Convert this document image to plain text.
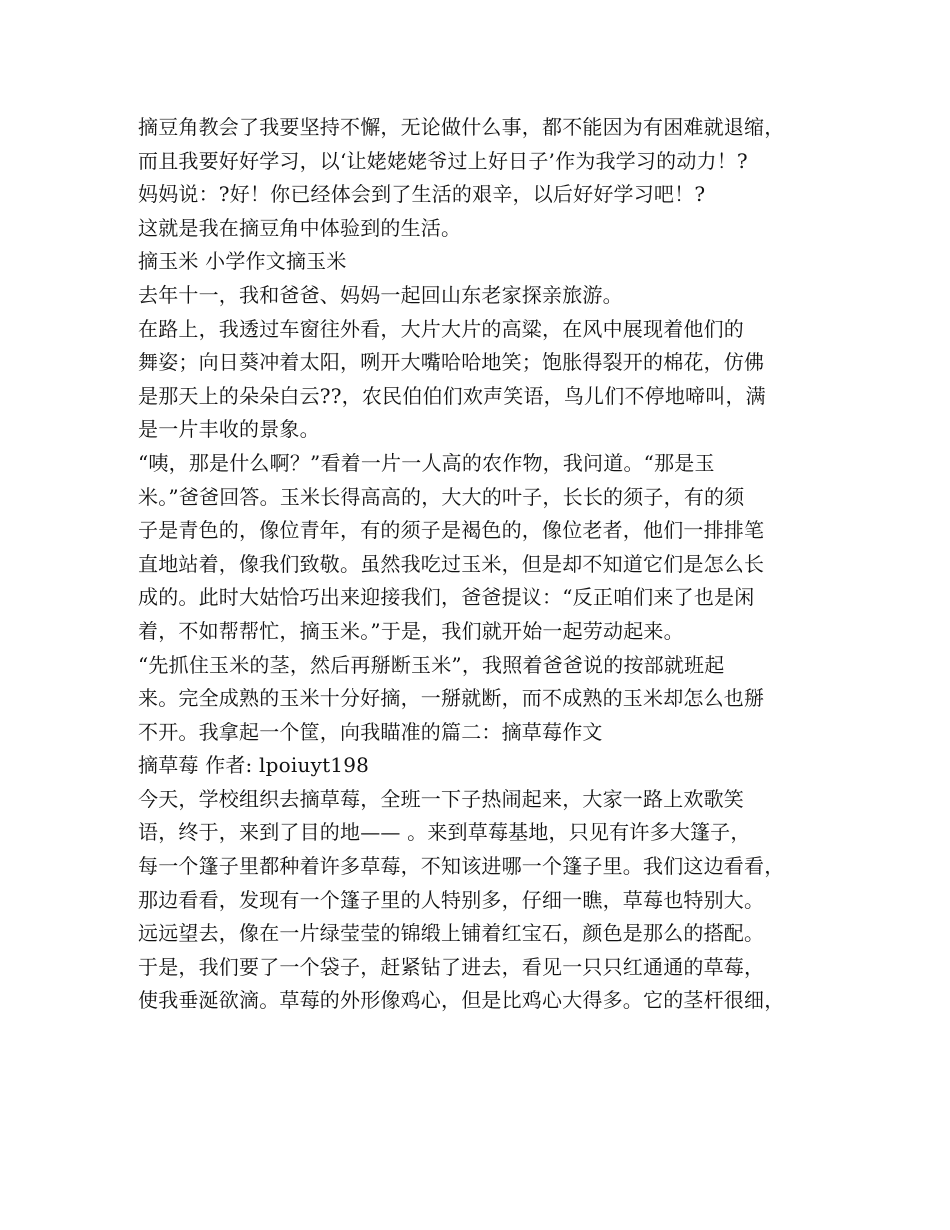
摘豆角教会了我要坚持不懈，无论做什么事，都不能因为有困难就退缩，
而且我要好好学习，以‘让姥姥姥爷过上好日子’作为我学习的动力！?
妈妈说：?好！你已经体会到了生活的艰辛，以后好好学习吧！?
这就是我在摘豆角中体验到的生活。
摘玉米 小学作文摘玉米
去年十一，我和爸爸、妈妈一起回山东老家探亲旅游。
在路上，我透过车窗往外看，大片大片的高粱，在风中展现着他们的
舞姿；向日葵冲着太阳，咧开大嘴哈哈地笑；饱胀得裂开的棉花，仿佛
是那天上的朵朵白云??，农民伯伯们欢声笑语，鸟儿们不停地啼叫，满
是一片丰收的景象。
“咦，那是什么啊？”看着一片一人高的农作物，我问道。“那是玉
米。”爸爸回答。玉米长得高高的，大大的叶子，长长的须子，有的须
子是青色的，像位青年，有的须子是褐色的，像位老者，他们一排排笔
直地站着，像我们致敬。虽然我吃过玉米，但是却不知道它们是怎么长
成的。此时大姑恰巧出来迎接我们，爸爸提议：“反正咱们来了也是闲
着，不如帮帮忙，摘玉米。”于是，我们就开始一起劳动起来。
“先抓住玉米的茎，然后再掰断玉米”，我照着爸爸说的按部就班起
来。完全成熟的玉米十分好摘，一掰就断，而不成熟的玉米却怎么也掰
不开。我拿起一个筐，向我瞄准的篇二：摘草莓作文
摘草莓 作者: lpoiuyt198
今天，学校组织去摘草莓，全班一下子热闹起来，大家一路上欢歌笑
语，终于，来到了目的地—— 。来到草莓基地，只见有许多大篷子，
每一个篷子里都种着许多草莓，不知该进哪一个篷子里。我们这边看看，
那边看看，发现有一个篷子里的人特别多，仔细一瞧，草莓也特别大。
远远望去，像在一片绿莹莹的锦缎上铺着红宝石，颜色是那么的搭配。
于是，我们要了一个袋子，赶紧钻了进去，看见一只只红通通的草莓，
使我垂涎欲滴。草莓的外形像鸡心，但是比鸡心大得多。它的茎杆很细，
